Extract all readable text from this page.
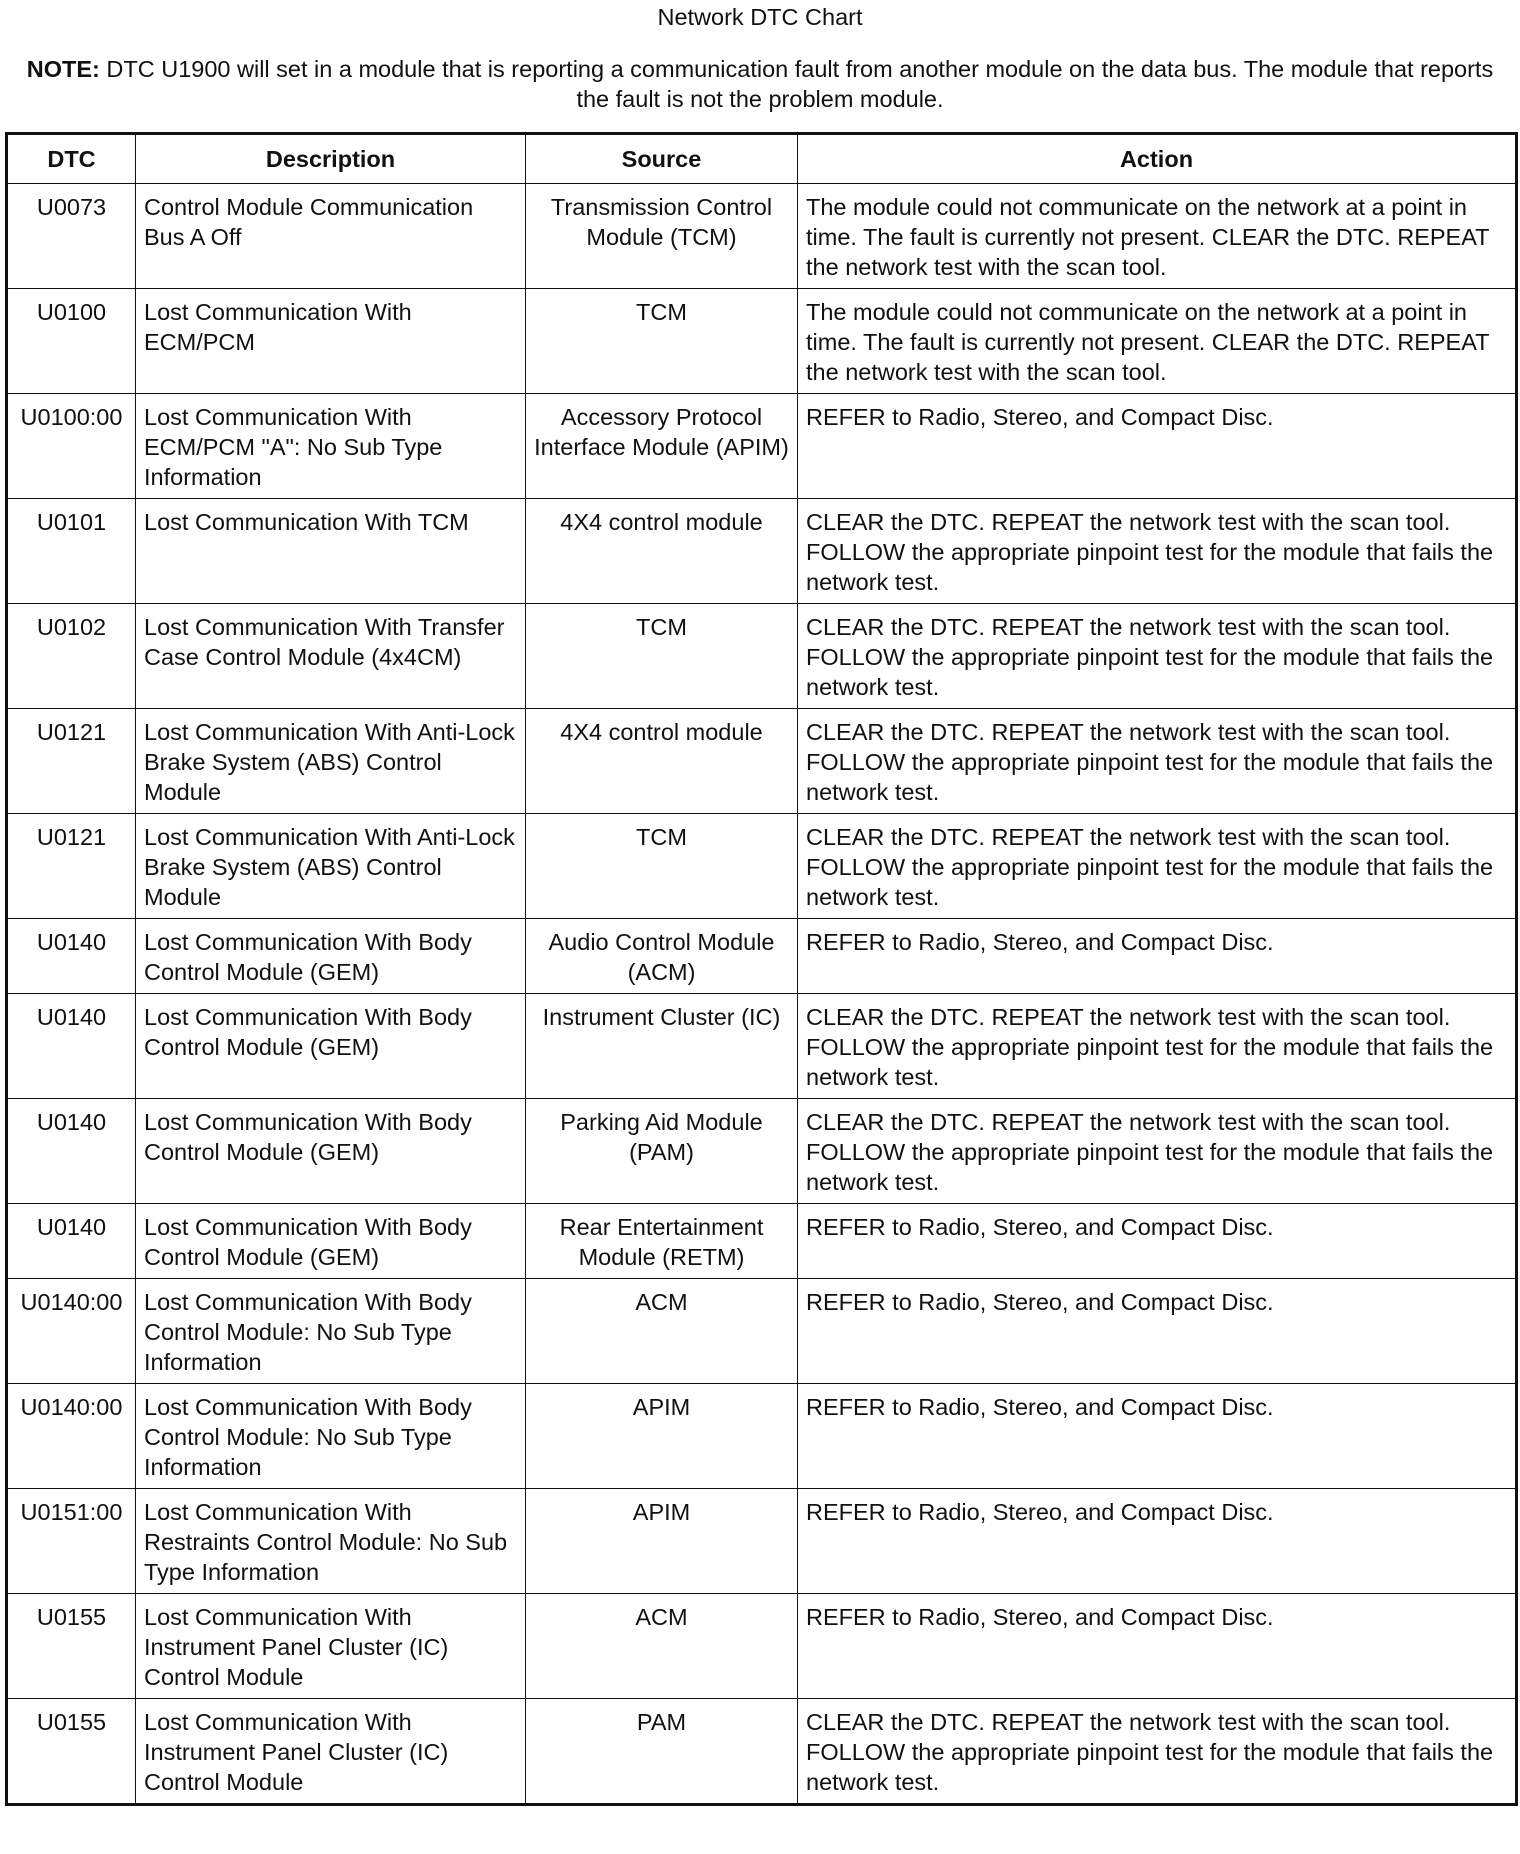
Network DTC Chart
NOTE: DTC U1900 will set in a module that is reporting a communication fault from another module on the data bus. The module that reports the fault is not the problem module.
DTC	Description	Source	Action
U0073	Control Module Communication Bus A Off	Transmission Control Module (TCM)	The module could not communicate on the network at a point in time. The fault is currently not present. CLEAR the DTC. REPEAT the network test with the scan tool.
U0100	Lost Communication With ECM/PCM	TCM	The module could not communicate on the network at a point in time. The fault is currently not present. CLEAR the DTC. REPEAT the network test with the scan tool.
U0100:00	Lost Communication With ECM/PCM "A": No Sub Type Information	Accessory Protocol Interface Module (APIM)	REFER to Radio, Stereo, and Compact Disc.
U0101	Lost Communication With TCM	4X4 control module	CLEAR the DTC. REPEAT the network test with the scan tool. FOLLOW the appropriate pinpoint test for the module that fails the network test.
U0102	Lost Communication With Transfer Case Control Module (4x4CM)	TCM	CLEAR the DTC. REPEAT the network test with the scan tool. FOLLOW the appropriate pinpoint test for the module that fails the network test.
U0121	Lost Communication With Anti-Lock Brake System (ABS) Control Module	4X4 control module	CLEAR the DTC. REPEAT the network test with the scan tool. FOLLOW the appropriate pinpoint test for the module that fails the network test.
U0121	Lost Communication With Anti-Lock Brake System (ABS) Control Module	TCM	CLEAR the DTC. REPEAT the network test with the scan tool. FOLLOW the appropriate pinpoint test for the module that fails the network test.
U0140	Lost Communication With Body Control Module (GEM)	Audio Control Module (ACM)	REFER to Radio, Stereo, and Compact Disc.
U0140	Lost Communication With Body Control Module (GEM)	Instrument Cluster (IC)	CLEAR the DTC. REPEAT the network test with the scan tool. FOLLOW the appropriate pinpoint test for the module that fails the network test.
U0140	Lost Communication With Body Control Module (GEM)	Parking Aid Module (PAM)	CLEAR the DTC. REPEAT the network test with the scan tool. FOLLOW the appropriate pinpoint test for the module that fails the network test.
U0140	Lost Communication With Body Control Module (GEM)	Rear Entertainment Module (RETM)	REFER to Radio, Stereo, and Compact Disc.
U0140:00	Lost Communication With Body Control Module: No Sub Type Information	ACM	REFER to Radio, Stereo, and Compact Disc.
U0140:00	Lost Communication With Body Control Module: No Sub Type Information	APIM	REFER to Radio, Stereo, and Compact Disc.
U0151:00	Lost Communication With Restraints Control Module: No Sub Type Information	APIM	REFER to Radio, Stereo, and Compact Disc.
U0155	Lost Communication With Instrument Panel Cluster (IC) Control Module	ACM	REFER to Radio, Stereo, and Compact Disc.
U0155	Lost Communication With Instrument Panel Cluster (IC) Control Module	PAM	CLEAR the DTC. REPEAT the network test with the scan tool. FOLLOW the appropriate pinpoint test for the module that fails the network test.
